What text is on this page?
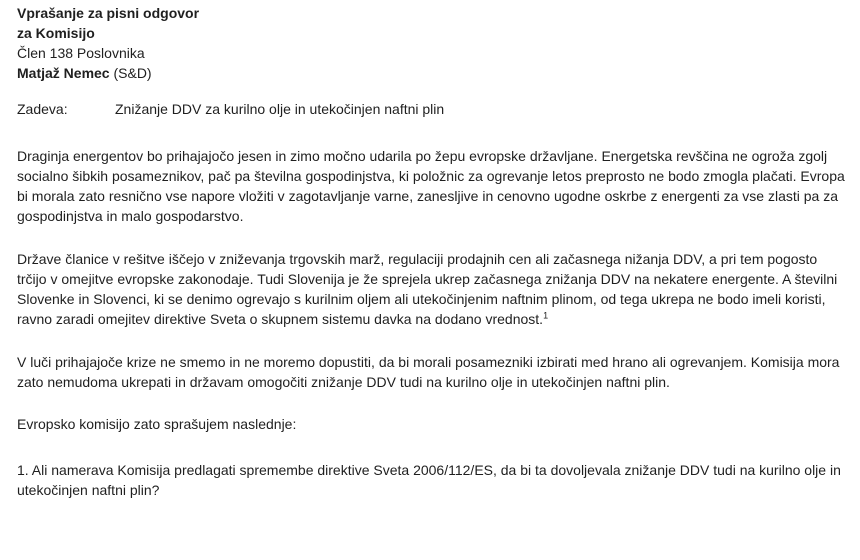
Vprašanje za pisni odgovor
za Komisijo
Člen 138 Poslovnika
Matjaž Nemec (S&D)
Zadeva:	Znižanje DDV za kurilno olje in utekočinjen naftni plin

Draginja energentov bo prihajajočo jesen in zimo močno udarila po žepu evropske državljane. Energetska revščina ne ogroža zgolj socialno šibkih posameznikov, pač pa številna gospodinjstva, ki položnic za ogrevanje letos preprosto ne bodo zmogla plačati. Evropa bi morala zato resnično vse napore vložiti v zagotavljanje varne, zanesljive in cenovno ugodne oskrbe z energenti za vse zlasti pa za gospodinjstva in malo gospodarstvo.

Države članice v rešitve iščejo v zniževanja trgovskih marž, regulaciji prodajnih cen ali začasnega nižanja DDV, a pri tem pogosto trčijo v omejitve evropske zakonodaje. Tudi Slovenija je že sprejela ukrep začasnega znižanja DDV na nekatere energente. A številni Slovenke in Slovenci, ki se denimo ogrevajo s kurilnim oljem ali utekočinjenim naftnim plinom, od tega ukrepa ne bodo imeli koristi, ravno zaradi omejitev direktive Sveta o skupnem sistemu davka na dodano vrednost.$^1$

V luči prihajajoče krize ne smemo in ne moremo dopustiti, da bi morali posamezniki izbirati med hrano ali ogrevanjem. Komisija mora zato nemudoma ukrepati in državam omogočiti znižanje DDV tudi na kurilno olje in utekočinjen naftni plin.

Evropsko komisijo zato sprašujem naslednje:

1. Ali namerava Komisija predlagati spremembe direktive Sveta 2006/112/ES, da bi ta dovoljevala znižanje DDV tudi na kurilno olje in utekočinjen naftni plin?
